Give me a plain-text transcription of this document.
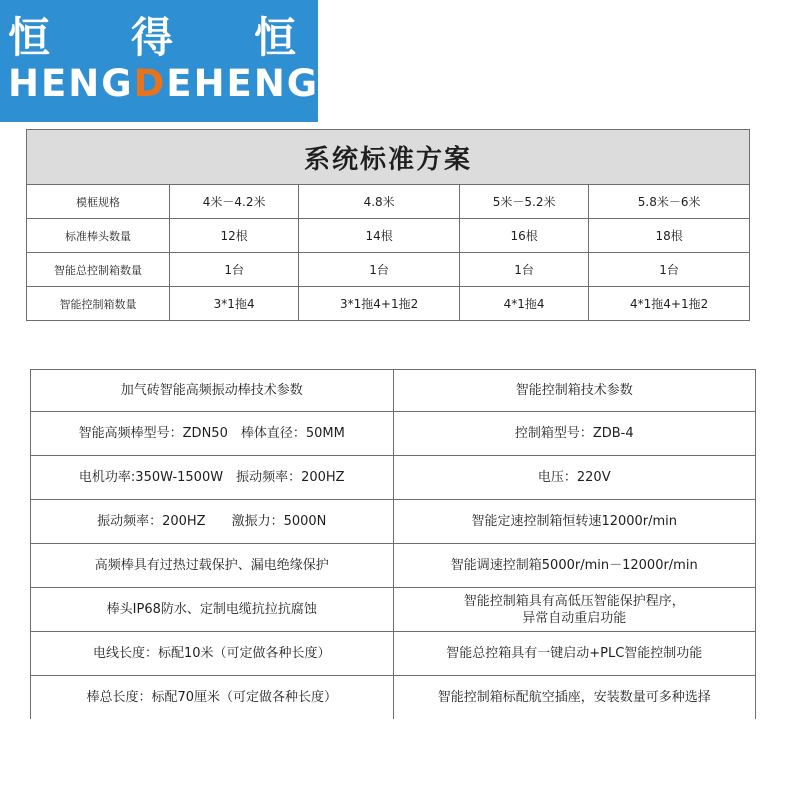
恒 得 恒
HENGDEHENG
系统标准方案				
模框规格	4米－4.2米	4.8米	5米－5.2米	5.8米－6米
标准棒头数量	12根	14根	16根	18根
智能总控制箱数量	1台	1台	1台	1台
智能控制箱数量	3*1拖4	3*1拖4+1拖2	4*1拖4	4*1拖4+1拖2
加气砖智能高频振动棒技术参数	智能控制箱技术参数
智能高频棒型号：ZDN50　棒体直径：50MM	控制箱型号：ZDB-4
电机功率:350W-1500W　振动频率：200HZ	电压：220V
振动频率：200HZ　　激振力：5000N	智能定速控制箱恒转速12000r/min
高频棒具有过热过载保护、漏电绝缘保护	智能调速控制箱5000r/min－12000r/min
棒头IP68防水、定制电缆抗拉抗腐蚀	智能控制箱具有高低压智能保护程序，
异常自动重启功能

电线长度：标配10米（可定做各种长度）	智能总控箱具有一键启动+PLC智能控制功能
棒总长度：标配70厘米（可定做各种长度）	智能控制箱标配航空插座，安装数量可多种选择
